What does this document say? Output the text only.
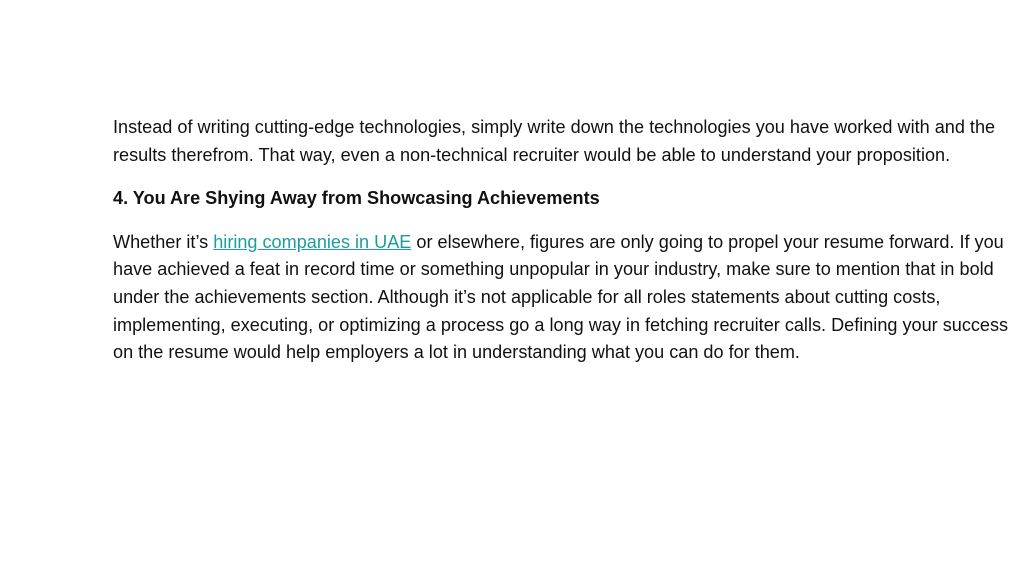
Instead of writing cutting-edge technologies, simply write down the technologies you have worked with and the results therefrom. That way, even a non-technical recruiter would be able to understand your proposition.

4. You Are Shying Away from Showcasing Achievements

Whether it’s hiring companies in UAE or elsewhere, figures are only going to propel your resume forward. If you have achieved a feat in record time or something unpopular in your industry, make sure to mention that in bold under the achievements section. Although it’s not applicable for all roles statements about cutting costs, implementing, executing, or optimizing a process go a long way in fetching recruiter calls. Defining your success on the resume would help employers a lot in understanding what you can do for them.
